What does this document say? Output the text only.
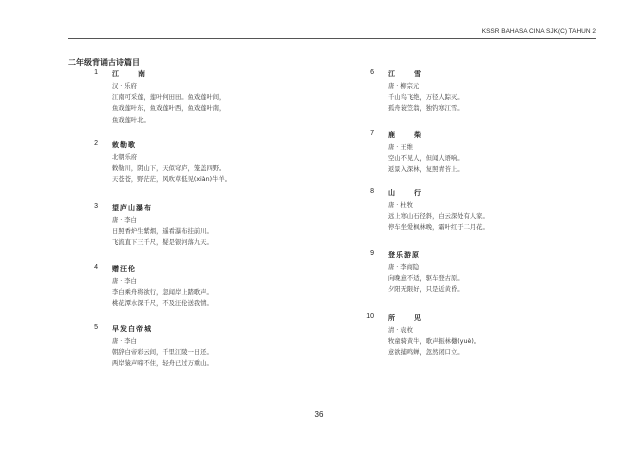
KSSR BAHASA CINA SJK(C) TAHUN 2
二年级背诵古诗篇目
1 江　南
汉 · 乐府
江南可采莲，莲叶何田田。鱼戏莲叶间，
鱼戏莲叶东，鱼戏莲叶西，鱼戏莲叶南，
鱼戏莲叶北。
2 敕勒歌
北朝乐府
敕勒川，阴山下，天似穹庐，笼盖四野。
天苍苍，野茫茫，风吹草低见(xiàn)牛羊。
3 望庐山瀑布
唐 · 李白
日照香炉生紫烟，遥看瀑布挂前川。
飞流直下三千尺，疑是银河落九天。
4 赠汪伦
唐 · 李白
李白乘舟将欲行，忽闻岸上踏歌声。
桃花潭水深千尺，不及汪伦送我情。
5 早发白帝城
唐 · 李白
朝辞白帝彩云间，千里江陵一日还。
两岸猿声啼不住，轻舟已过万重山。
6 江　雪
唐 · 柳宗元
千山鸟飞绝，万径人踪灭。
孤舟蓑笠翁，独钓寒江雪。
7 鹿　柴
唐 · 王维
空山不见人，但闻人语响。
返景入深林，复照青苔上。
8 山　行
唐 · 杜牧
远上寒山石径斜，白云深处有人家。
停车坐爱枫林晚，霜叶红于二月花。
9 登乐游原
唐 · 李商隐
向晚意不适，驱车登古原。
夕阳无限好，只是近黄昏。
10 所　见
清 · 袁枚
牧童骑黄牛，歌声振林樾(yuè)。
意欲捕鸣蝉，忽然闭口立。
36
